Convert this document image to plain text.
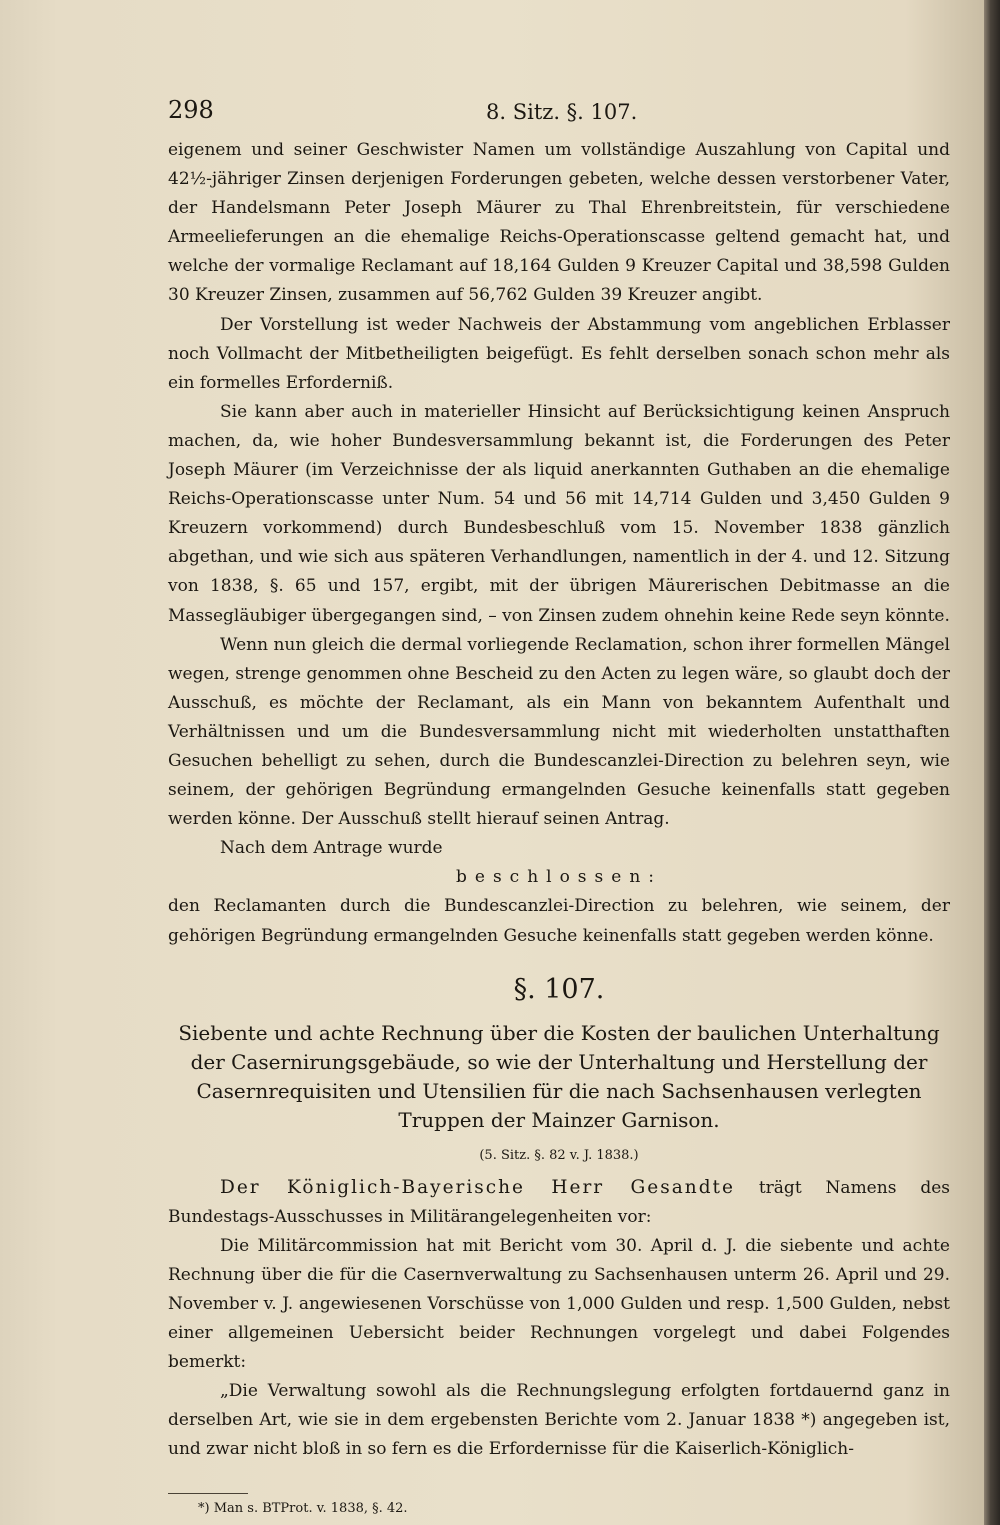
298	8. Sitz. §. 107.

eigenem und seiner Geschwister Namen um vollständige Auszahlung von Capital und 42½-jähriger Zinsen derjenigen Forderungen gebeten, welche dessen verstorbener Vater, der Handelsmann Peter Joseph Mäurer zu Thal Ehrenbreitstein, für verschiedene Armeelieferungen an die ehemalige Reichs-Operationscasse geltend gemacht hat, und welche der vormalige Reclamant auf 18,164 Gulden 9 Kreuzer Capital und 38,598 Gulden 30 Kreuzer Zinsen, zusammen auf 56,762 Gulden 39 Kreuzer angibt.

Der Vorstellung ist weder Nachweis der Abstammung vom angeblichen Erblasser noch Vollmacht der Mitbetheiligten beigefügt. Es fehlt derselben sonach schon mehr als ein formelles Erforderniß.

Sie kann aber auch in materieller Hinsicht auf Berücksichtigung keinen Anspruch machen, da, wie hoher Bundesversammlung bekannt ist, die Forderungen des Peter Joseph Mäurer (im Verzeichnisse der als liquid anerkannten Guthaben an die ehemalige Reichs-Operationscasse unter Num. 54 und 56 mit 14,714 Gulden und 3,450 Gulden 9 Kreuzern vorkommend) durch Bundesbeschluß vom 15. November 1838 gänzlich abgethan, und wie sich aus späteren Verhandlungen, namentlich in der 4. und 12. Sitzung von 1838, §. 65 und 157, ergibt, mit der übrigen Mäurerischen Debitmasse an die Massegläubiger übergegangen sind, – von Zinsen zudem ohnehin keine Rede seyn könnte.

Wenn nun gleich die dermal vorliegende Reclamation, schon ihrer formellen Mängel wegen, strenge genommen ohne Bescheid zu den Acten zu legen wäre, so glaubt doch der Ausschuß, es möchte der Reclamant, als ein Mann von bekanntem Aufenthalt und Verhältnissen und um die Bundesversammlung nicht mit wiederholten unstatthaften Gesuchen behelligt zu sehen, durch die Bundescanzlei-Direction zu belehren seyn, wie seinem, der gehörigen Begründung ermangelnden Gesuche keinenfalls statt gegeben werden könne. Der Ausschuß stellt hierauf seinen Antrag.

Nach dem Antrage wurde

beschlossen:

den Reclamanten durch die Bundescanzlei-Direction zu belehren, wie seinem, der gehörigen Begründung ermangelnden Gesuche keinenfalls statt gegeben werden könne.

§. 107.
Siebente und achte Rechnung über die Kosten der baulichen Unterhaltung der Casernirungsgebäude, so wie der Unterhaltung und Herstellung der Casernrequisiten und Utensilien für die nach Sachsenhausen verlegten Truppen der Mainzer Garnison.
(5. Sitz. §. 82 v. J. 1838.)

Der Königlich-Bayerische Herr Gesandte trägt Namens des Bundestags-Ausschusses in Militärangelegenheiten vor:

Die Militärcommission hat mit Bericht vom 30. April d. J. die siebente und achte Rechnung über die für die Casernverwaltung zu Sachsenhausen unterm 26. April und 29. November v. J. angewiesenen Vorschüsse von 1,000 Gulden und resp. 1,500 Gulden, nebst einer allgemeinen Uebersicht beider Rechnungen vorgelegt und dabei Folgendes bemerkt:

„Die Verwaltung sowohl als die Rechnungslegung erfolgten fortdauernd ganz in derselben Art, wie sie in dem ergebensten Berichte vom 2. Januar 1838 *) angegeben ist, und zwar nicht bloß in so fern es die Erfordernisse für die Kaiserlich-Königlich-

*) Man s. BTProt. v. 1838, §. 42.
